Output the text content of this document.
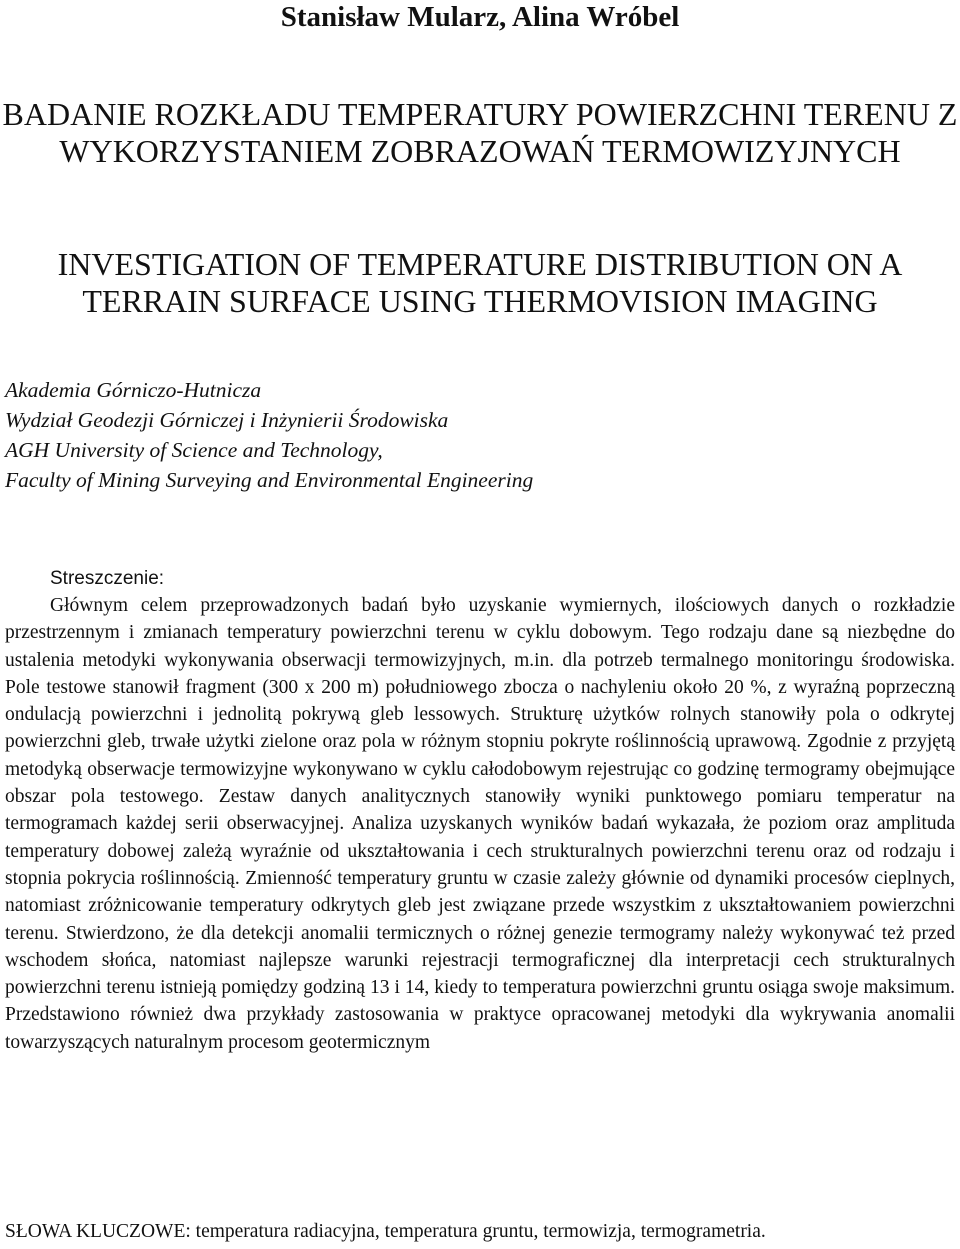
Stanisław Mularz, Alina Wróbel
BADANIE ROZKŁADU TEMPERATURY POWIERZCHNI TERENU Z WYKORZYSTANIEM ZOBRAZOWAŃ TERMOWIZYJNYCH
INVESTIGATION OF TEMPERATURE DISTRIBUTION ON A TERRAIN SURFACE USING THERMOVISION IMAGING
Akademia Górniczo-Hutnicza
Wydział Geodezji Górniczej i Inżynierii Środowiska
AGH University of Science and Technology,
Faculty of Mining Surveying and Environmental Engineering

Streszczenie:

Głównym celem przeprowadzonych badań było uzyskanie wymiernych, ilościowych danych o rozkładzie przestrzennym i zmianach temperatury powierzchni terenu w cyklu dobowym. Tego rodzaju dane są niezbędne do ustalenia metodyki wykonywania obserwacji termowizyjnych, m.in. dla potrzeb termalnego monitoringu środowiska. Pole testowe stanowił fragment (300 x 200 m) południowego zbocza o nachyleniu około 20 %, z wyraźną poprzeczną ondulacją powierzchni i jednolitą pokrywą gleb lessowych. Strukturę użytków rolnych stanowiły pola o odkrytej powierzchni gleb, trwałe użytki zielone oraz pola w różnym stopniu pokryte roślinnością uprawową. Zgodnie z przyjętą metodyką obserwacje termowizyjne wykonywano w cyklu całodobowym rejestrując co godzinę termogramy obejmujące obszar pola testowego. Zestaw danych analitycznych stanowiły wyniki punktowego pomiaru temperatur na termogramach każdej serii obserwacyjnej. Analiza uzyskanych wyników badań wykazała, że poziom oraz amplituda temperatury dobowej zależą wyraźnie od ukształtowania i cech strukturalnych powierzchni terenu oraz od rodzaju i stopnia pokrycia roślinnością. Zmienność temperatury gruntu w czasie zależy głównie od dynamiki procesów cieplnych, natomiast zróżnicowanie temperatury odkrytych gleb jest związane przede wszystkim z ukształtowaniem powierzchni terenu. Stwierdzono, że dla detekcji anomalii termicznych o różnej genezie termogramy należy wykonywać też przed wschodem słońca, natomiast najlepsze warunki rejestracji termograficznej dla interpretacji cech strukturalnych powierzchni terenu istnieją pomiędzy godziną 13 i 14, kiedy to temperatura powierzchni gruntu osiąga swoje maksimum. Przedstawiono również dwa przykłady zastosowania w praktyce opracowanej metodyki dla wykrywania anomalii towarzyszących naturalnym procesom geotermicznym

SŁOWA KLUCZOWE: temperatura radiacyjna, temperatura gruntu, termowizja, termogrametria.
